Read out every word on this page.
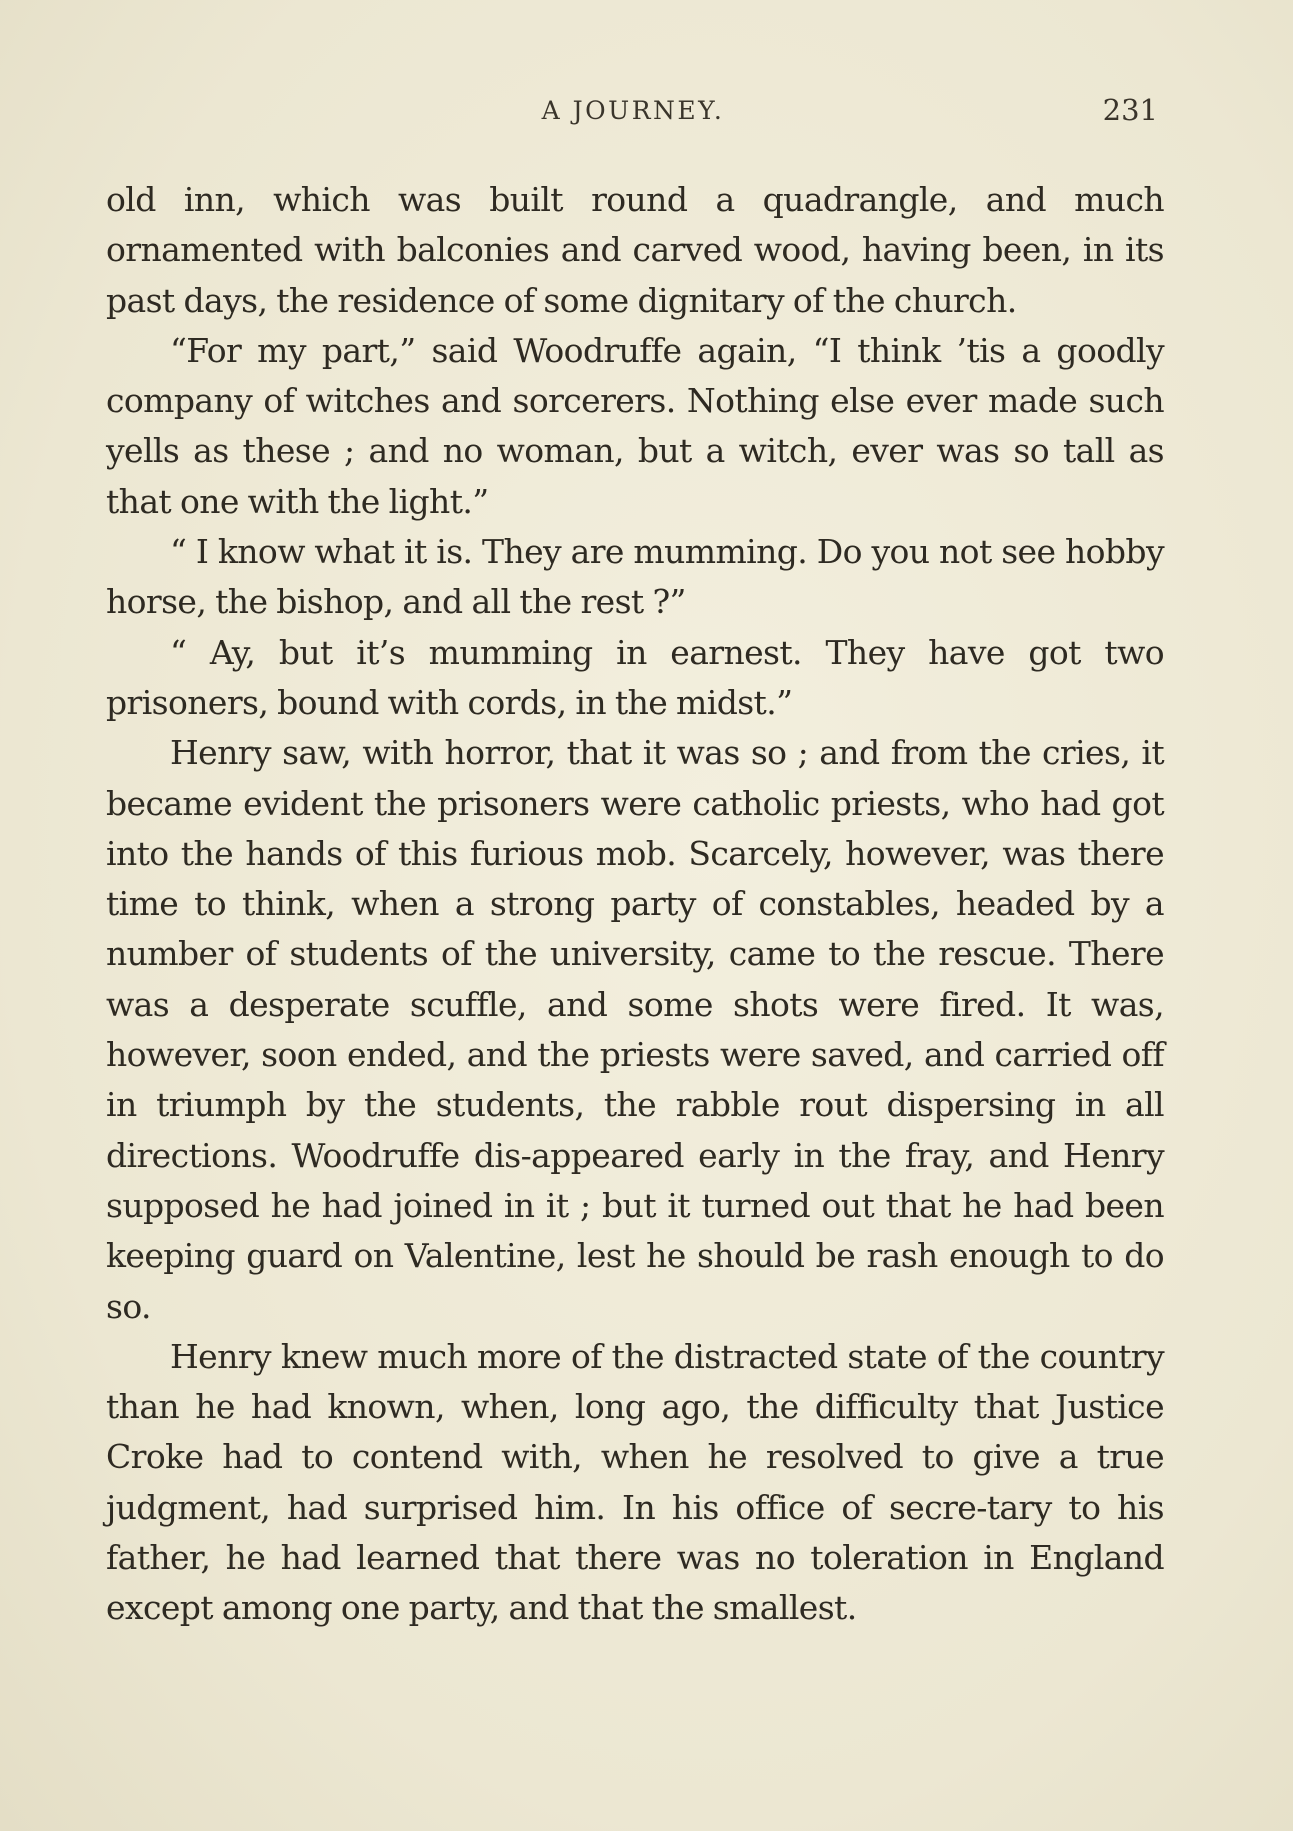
A JOURNEY.	231

old inn, which was built round a quadrangle, and much ornamented with balconies and carved wood, having been, in its past days, the residence of some dignitary of the church.

“For my part,” said Woodruffe again, “I think ’tis a goodly company of witches and sorcerers. Nothing else ever made such yells as these ; and no woman, but a witch, ever was so tall as that one with the light.”

“ I know what it is. They are mumming. Do you not see hobby horse, the bishop, and all the rest ?”

“ Ay, but it’s mumming in earnest. They have got two prisoners, bound with cords, in the midst.”

Henry saw, with horror, that it was so ; and from the cries, it became evident the prisoners were catholic priests, who had got into the hands of this furious mob. Scarcely, however, was there time to think, when a strong party of constables, headed by a number of students of the university, came to the rescue. There was a desperate scuffle, and some shots were fired. It was, however, soon ended, and the priests were saved, and carried off in triumph by the students, the rabble rout dispersing in all directions. Woodruffe dis-appeared early in the fray, and Henry supposed he had joined in it ; but it turned out that he had been keeping guard on Valentine, lest he should be rash enough to do so.

Henry knew much more of the distracted state of the country than he had known, when, long ago, the difficulty that Justice Croke had to contend with, when he resolved to give a true judgment, had surprised him. In his office of secre-tary to his father, he had learned that there was no toleration in England except among one party, and that the smallest.
